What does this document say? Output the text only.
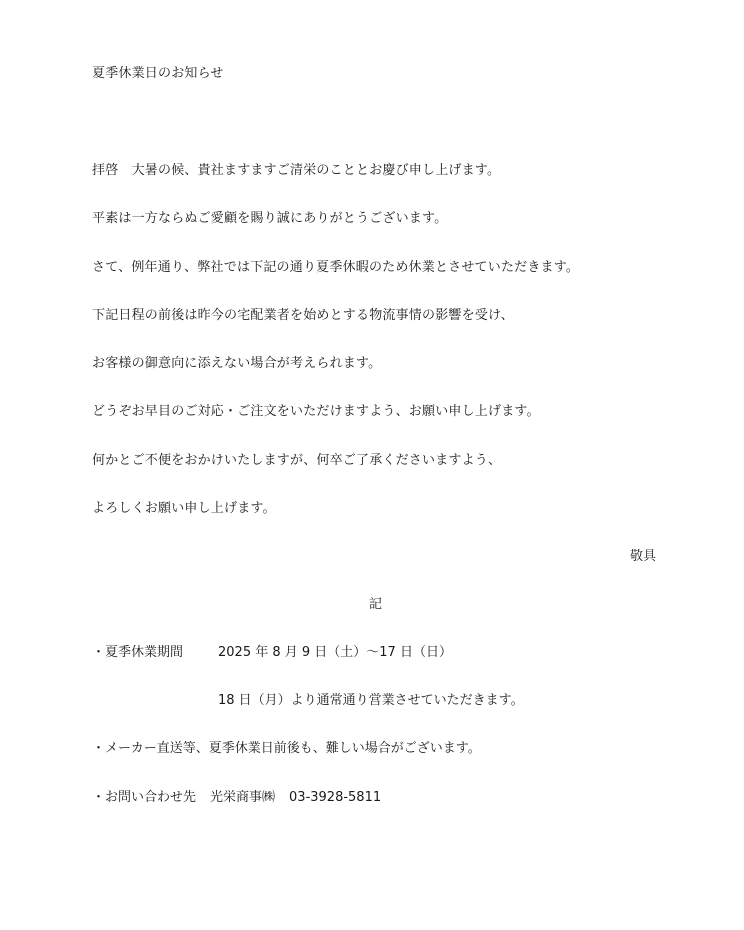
夏季休業日のお知らせ
拝啓　大暑の候、貴社ますますご清栄のこととお慶び申し上げます。
平素は一方ならぬご愛顧を賜り誠にありがとうございます。
さて、例年通り、弊社では下記の通り夏季休暇のため休業とさせていただきます。
下記日程の前後は昨今の宅配業者を始めとする物流事情の影響を受け、
お客様の御意向に添えない場合が考えられます。
どうぞお早目のご対応・ご注文をいただけますよう、お願い申し上げます。
何かとご不便をおかけいたしますが、何卒ご了承くださいますよう、
よろしくお願い申し上げます。
敬具
記
・夏季休業期間	2025 年 8 月 9 日（土）～17 日（日）
18 日（月）より通常通り営業させていただきます。
・メーカー直送等、夏季休業日前後も、難しい場合がございます。
・お問い合わせ先 光栄商事㈱ 03-3928-5811
